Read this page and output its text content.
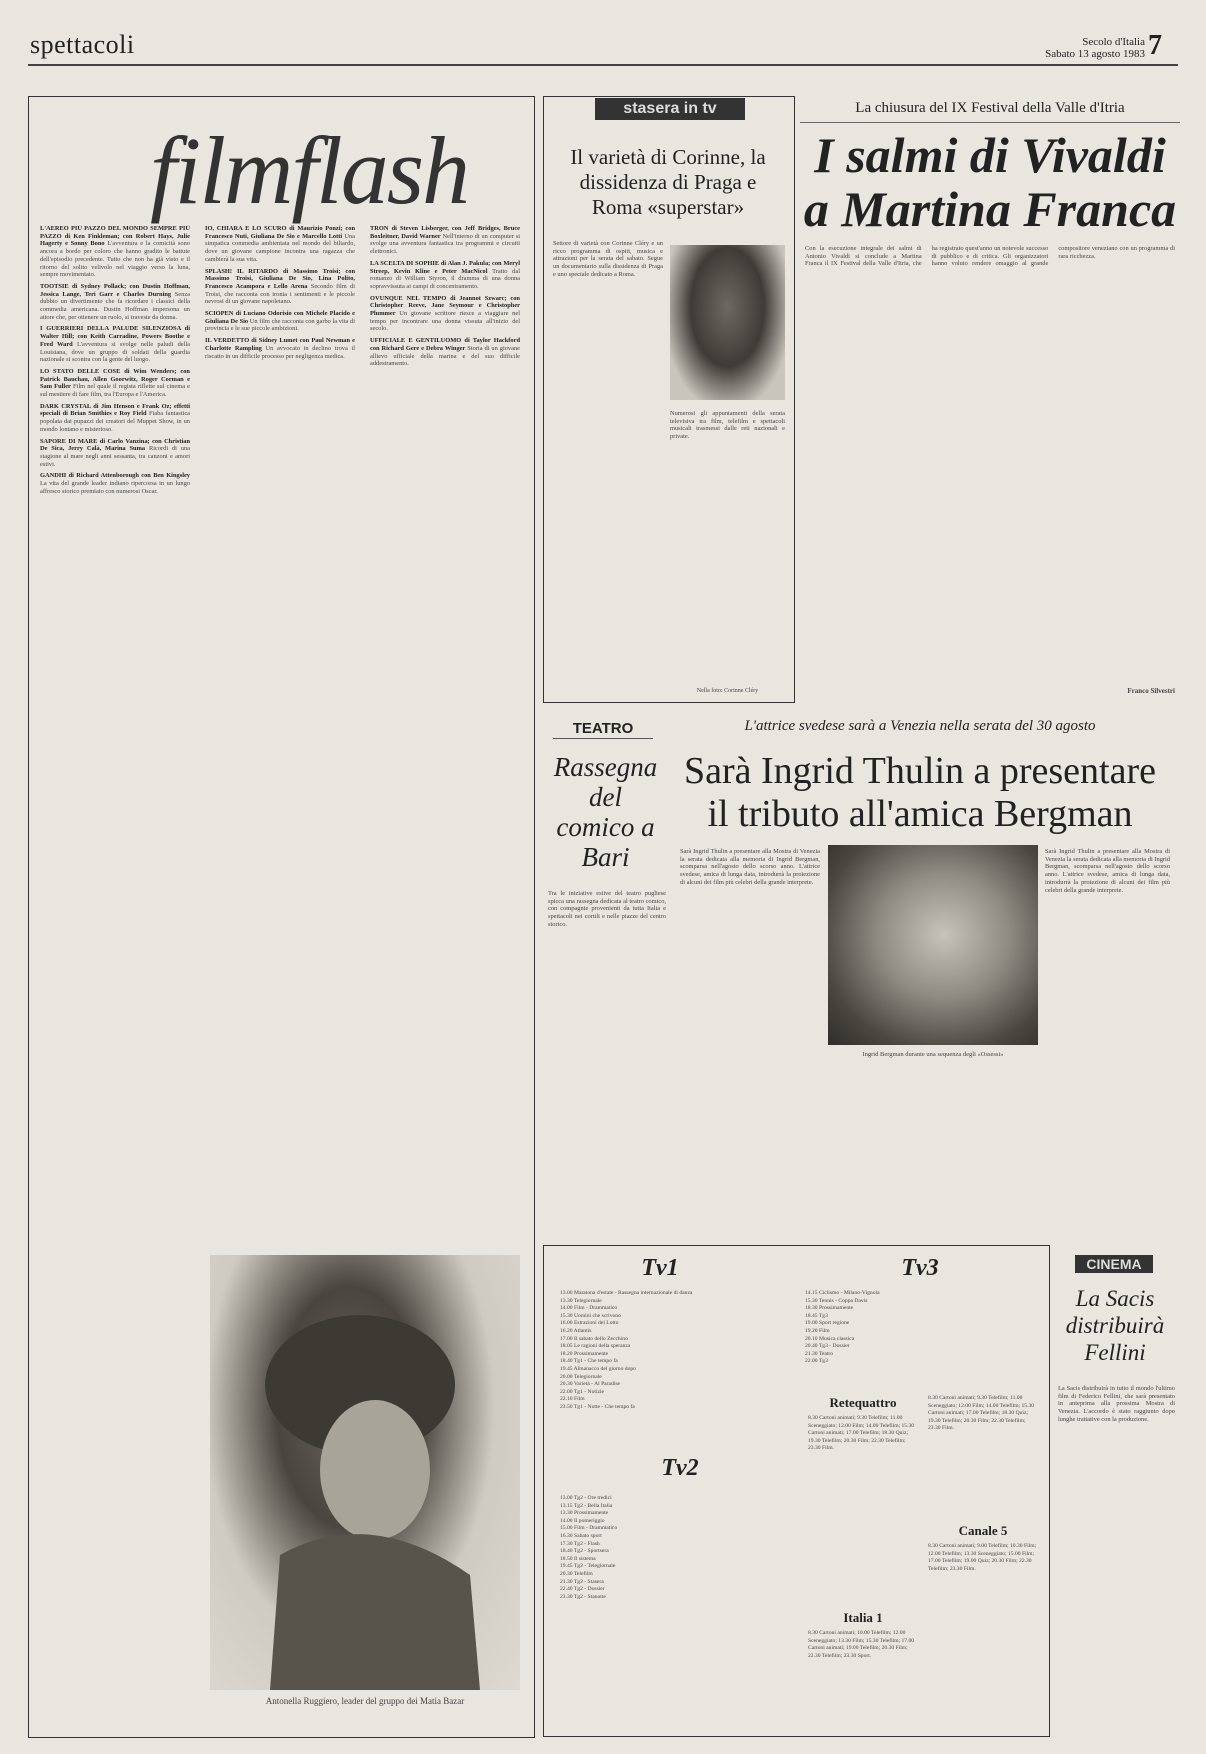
spettacoli	Secolo d'Italia
Sabato 13 agosto 1983 7
filmflash

L'AEREO PIÙ PAZZO DEL MONDO SEMPRE PIÙ PAZZO di Ken Finkleman; con Robert Hays, Julie Hagerty e Sonny Bono L'avventura e la comicità sono ancora a bordo per coloro che hanno gradito le battute dell'episodio precedente. Tutto che non ha già visto e il ritorno del solito velivolo nel viaggio verso la luna, sempre movimentato.

TOOTSIE di Sydney Pollack; con Dustin Hoffman, Jessica Lange, Teri Garr e Charles Durning Senza dubbio un divertimento che fa ricordare i classici della commedia americana. Dustin Hoffman impersona un attore che, per ottenere un ruolo, si traveste da donna.

I GUERRIERI DELLA PALUDE SILENZIOSA di Walter Hill; con Keith Carradine, Powers Boothe e Fred Ward L'avventura si svolge nelle paludi della Louisiana, dove un gruppo di soldati della guardia nazionale si scontra con la gente del luogo.

LO STATO DELLE COSE di Wim Wenders; con Patrick Bauchau, Allen Goorwitz, Roger Corman e Sam Fuller Film nel quale il regista riflette sul cinema e sul mestiere di fare film, tra l'Europa e l'America.

DARK CRYSTAL di Jim Henson e Frank Oz; effetti speciali di Brian Smithies e Roy Field Fiaba fantastica popolata dai pupazzi dei creatori del Muppet Show, in un mondo lontano e misterioso.

SAPORE DI MARE di Carlo Vanzina; con Christian De Sica, Jerry Calà, Marina Suma Ricordi di una stagione al mare negli anni sessanta, tra canzoni e amori estivi.

GANDHI di Richard Attenborough con Ben Kingsley La vita del grande leader indiano ripercorsa in un lungo affresco storico premiato con numerosi Oscar.

IO, CHIARA E LO SCURO di Maurizio Ponzi; con Francesco Nuti, Giuliana De Sio e Marcello Lotti Una simpatica commedia ambientata nel mondo del biliardo, dove un giovane campione incontra una ragazza che cambierà la sua vita.

SPLASH! IL RITARDO di Massimo Troisi; con Massimo Troisi, Giuliana De Sio, Lina Polito, Francesco Acampora e Lello Arena Secondo film di Troisi, che racconta con ironia i sentimenti e le piccole nevrosi di un giovane napoletano.

SCIOPEN di Luciano Odorisio con Michele Placido e Giuliana De Sio Un film che racconta con garbo la vita di provincia e le sue piccole ambizioni.

IL VERDETTO di Sidney Lumet con Paul Newman e Charlotte Rampling Un avvocato in declino trova il riscatto in un difficile processo per negligenza medica.

TRON di Steven Lisberger, con Jeff Bridges, Bruce Boxleitner, David Warner Nell'interno di un computer si svolge una avventura fantastica tra programmi e circuiti elettronici.

LA SCELTA DI SOPHIE di Alan J. Pakula; con Meryl Streep, Kevin Kline e Peter MacNicol Tratto dal romanzo di William Styron, il dramma di una donna sopravvissuta ai campi di concentramento.

OVUNQUE NEL TEMPO di Jeannot Szwarc; con Christopher Reeve, Jane Seymour e Christopher Plummer Un giovane scrittore riesce a viaggiare nel tempo per incontrare una donna vissuta all'inizio del secolo.

UFFICIALE E GENTILUOMO di Taylor Hackford con Richard Gere e Debra Winger Storia di un giovane allievo ufficiale della marina e del suo difficile addestramento.

Antonella Ruggiero, leader del gruppo dei Matia Bazar
stasera in tv
Il varietà di Corinne, la dissidenza di Praga e Roma «superstar»

Settore di varietà con Corinne Cléry e un ricco programma di ospiti, musica e attrazioni per la serata del sabato. Segue un documentario sulla dissidenza di Praga e uno speciale dedicato a Roma.

Numerosi gli appuntamenti della serata televisiva tra film, telefilm e spettacoli musicali trasmessi dalle reti nazionali e private.

Nella foto: Corinne Cléry
La chiusura del IX Festival della Valle d'Itria
I salmi di Vivaldi a Martina Franca

Con la esecuzione integrale dei salmi di Antonio Vivaldi si conclude a Martina Franca il IX Festival della Valle d'Itria, che ha registrato quest'anno un notevole successo di pubblico e di critica. Gli organizzatori hanno voluto rendere omaggio al grande compositore veneziano con un programma di rara ricchezza.

Franco Silvestri
TEATRO
Rassegna del comico a Bari

Tra le iniziative estive del teatro pugliese spicca una rassegna dedicata al teatro comico, con compagnie provenienti da tutta Italia e spettacoli nei cortili e nelle piazze del centro storico.

L'attrice svedese sarà a Venezia nella serata del 30 agosto
Sarà Ingrid Thulin a presentare il tributo all'amica Bergman

Sarà Ingrid Thulin a presentare alla Mostra di Venezia la serata dedicata alla memoria di Ingrid Bergman, scomparsa nell'agosto dello scorso anno. L'attrice svedese, amica di lunga data, introdurrà la proiezione di alcuni dei film più celebri della grande interprete.

Ingrid Bergman durante una sequenza degli «Ossessi»

Sarà Ingrid Thulin a presentare alla Mostra di Venezia la serata dedicata alla memoria di Ingrid Bergman, scomparsa nell'agosto dello scorso anno. L'attrice svedese, amica di lunga data, introdurrà la proiezione di alcuni dei film più celebri della grande interprete.

Tv1
13.00 Maratona d'estate - Rassegna internazionale di danza
13.30 Telegiornale
14.00 Film - Drammatico
15.30 Uomini che scrivono
16.00 Estrazioni del Lotto
16.20 Atlantis
17.00 Il sabato dello Zecchino
18.05 Le ragioni della speranza
18.20 Prossimamente
18.40 Tg1 - Che tempo fa
19.45 Almanacco del giorno dopo
20.00 Telegiornale
20.30 Varietà - Al Paradise
22.00 Tg1 - Notizie
22.10 Film
23.50 Tg1 - Notte - Che tempo fa
Tv3
14.15 Ciclismo - Milano-Vignola
15.30 Tennis - Coppa Davis
18.30 Prossimamente
18.45 Tg3
19.00 Sport regione
19.20 Film
20.10 Musica classica
20.40 Tg3 - Dossier
21.30 Teatro
22.00 Tg3
Retequattro
8.30 Cartoni animati; 9.30 Telefilm; 11.00 Sceneggiato; 12.00 Film; 14.00 Telefilm; 15.30 Cartoni animati; 17.00 Telefilm; 18.30 Quiz; 19.30 Telefilm; 20.30 Film; 22.30 Telefilm; 23.30 Film.
8.30 Cartoni animati; 9.30 Telefilm; 11.00 Sceneggiato; 12.00 Film; 14.00 Telefilm; 15.30 Cartoni animati; 17.00 Telefilm; 18.30 Quiz; 19.30 Telefilm; 20.30 Film; 22.30 Telefilm; 23.30 Film.
Canale 5
8.30 Cartoni animati; 9.00 Telefilm; 10.30 Film; 12.00 Telefilm; 13.30 Sceneggiato; 15.00 Film; 17.00 Telefilm; 19.00 Quiz; 20.30 Film; 22.30 Telefilm; 23.30 Film.
Tv2
13.00 Tg2 - Ore tredici
13.15 Tg2 - Bella Italia
13.30 Prossimamente
14.00 Il pomeriggio
15.00 Film - Drammatico
16.30 Sabato sport
17.30 Tg2 - Flash
18.40 Tg2 - Sportsera
18.50 Il sistema
19.45 Tg2 - Telegiornale
20.30 Telefilm
21.30 Tg2 - Stasera
22.40 Tg2 - Dossier
23.30 Tg2 - Stanotte
Italia 1
8.30 Cartoni animati; 10.00 Telefilm; 12.00 Sceneggiato; 13.30 Film; 15.30 Telefilm; 17.00 Cartoni animati; 19.00 Telefilm; 20.30 Film; 22.30 Telefilm; 23.30 Sport.
CINEMA
La Sacis distribuirà Fellini

La Sacis distribuirà in tutto il mondo l'ultimo film di Federico Fellini, che sarà presentato in anteprima alla prossima Mostra di Venezia. L'accordo è stato raggiunto dopo lunghe trattative con la produzione.
